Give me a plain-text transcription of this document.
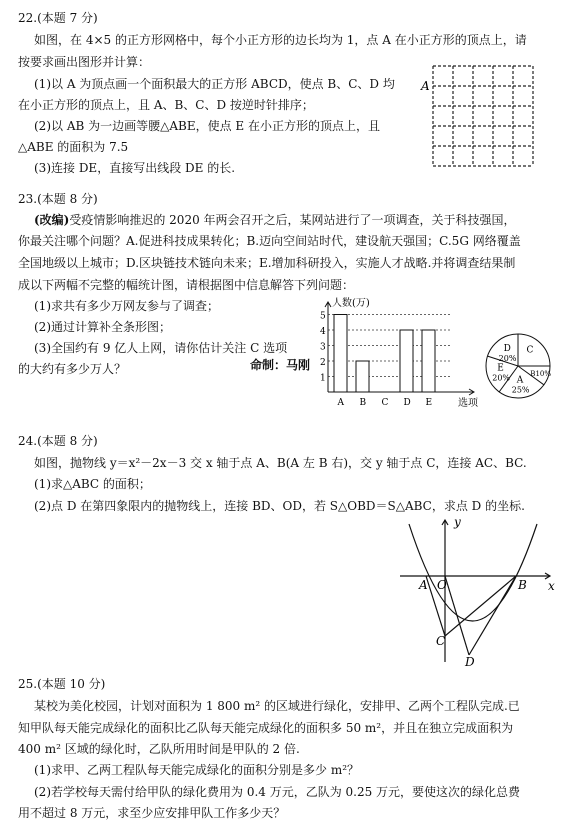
22.(本题 7 分)
如图，在 4×5 的正方形网格中，每个小正方形的边长均为 1，点 A 在小正方形的顶点上，请
按要求画出图形并计算：
(1)以 A 为顶点画一个面积最大的正方形 ABCD，使点 B、C、D 均
在小正方形的顶点上，且 A、B、C、D 按逆时针排序；
(2)以 AB 为一边画等腰△ABE，使点 E 在小正方形的顶点上，且
△ABE 的面积为 7.5
(3)连接 DE，直接写出线段 DE 的长.
A
23.(本题 8 分)
(改编)受疫情影响推迟的 2020 年两会召开之后，某网站进行了一项调查，关于科技强国，
你最关注哪个问题？A.促进科技成果转化；B.迈向空间站时代，建设航天强国；C.5G 网络覆盖
全国地级以上城市；D.区块链技术链向未来；E.增加科研投入，实施人才战略.并将调查结果制
成以下两幅不完整的幅统计图，请根据图中信息解答下列问题：
(1)求共有多少万网友参与了调查；
(2)通过计算补全条形图；
(3)全国约有 9 亿人上网，请你估计关注 C 选项
的大约有多少万人？	命制：马刚
人数(万)
选项
1
2
3
4
5
A B C D E
C
B10%
A
25%
E
20%
D
20%
24.(本题 8 分)
如图，抛物线 y＝x²－2x－3 交 x 轴于点 A、B(A 左 B 右)，交 y 轴于点 C，连接 AC、BC.
(1)求△ABC 的面积；
(2)点 D 在第四象限内的抛物线上，连接 BD、OD，若 S△OBD＝S△ABC，求点 D 的坐标.
y
x
A O	B
C
D
25.(本题 10 分)
某校为美化校园，计划对面积为 1 800 m² 的区域进行绿化，安排甲、乙两个工程队完成.已
知甲队每天能完成绿化的面积比乙队每天能完成绿化的面积多 50 m²，并且在独立完成面积为
400 m² 区域的绿化时，乙队所用时间是甲队的 2 倍.
(1)求甲、乙两工程队每天能完成绿化的面积分别是多少 m²？
(2)若学校每天需付给甲队的绿化费用为 0.4 万元，乙队为 0.25 万元，要使这次的绿化总费
用不超过 8 万元，求至少应安排甲队工作多少天？
